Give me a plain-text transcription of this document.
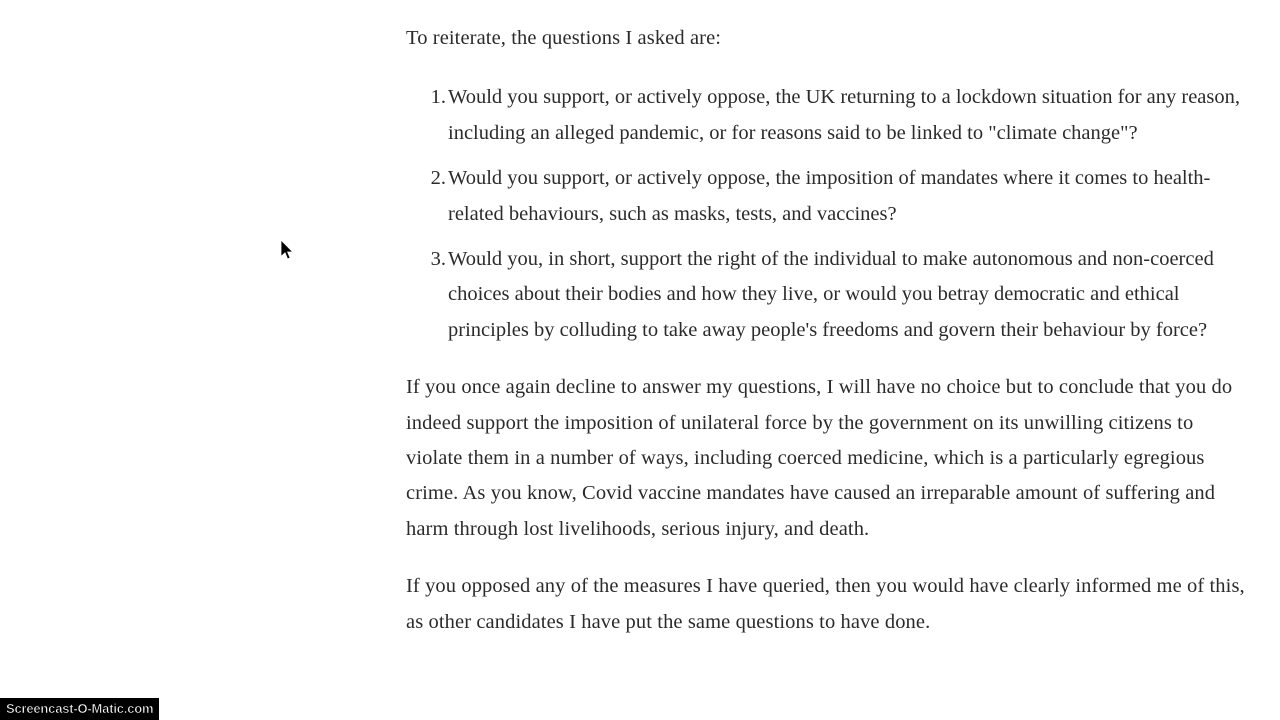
To reiterate, the questions I asked are:

1. Would you support, or actively oppose, the UK returning to a lockdown situation for any reason, including an alleged pandemic, or for reasons said to be linked to "climate change"?
2. Would you support, or actively oppose, the imposition of mandates where it comes to health-related behaviours, such as masks, tests, and vaccines?
3. Would you, in short, support the right of the individual to make autonomous and non-coerced choices about their bodies and how they live, or would you betray democratic and ethical principles by colluding to take away people's freedoms and govern their behaviour by force?

If you once again decline to answer my questions, I will have no choice but to conclude that you do indeed support the imposition of unilateral force by the government on its unwilling citizens to violate them in a number of ways, including coerced medicine, which is a particularly egregious crime. As you know, Covid vaccine mandates have caused an irreparable amount of suffering and harm through lost livelihoods, serious injury, and death.

If you opposed any of the measures I have queried, then you would have clearly informed me of this, as other candidates I have put the same questions to have done.

Screencast-O-Matic.com
